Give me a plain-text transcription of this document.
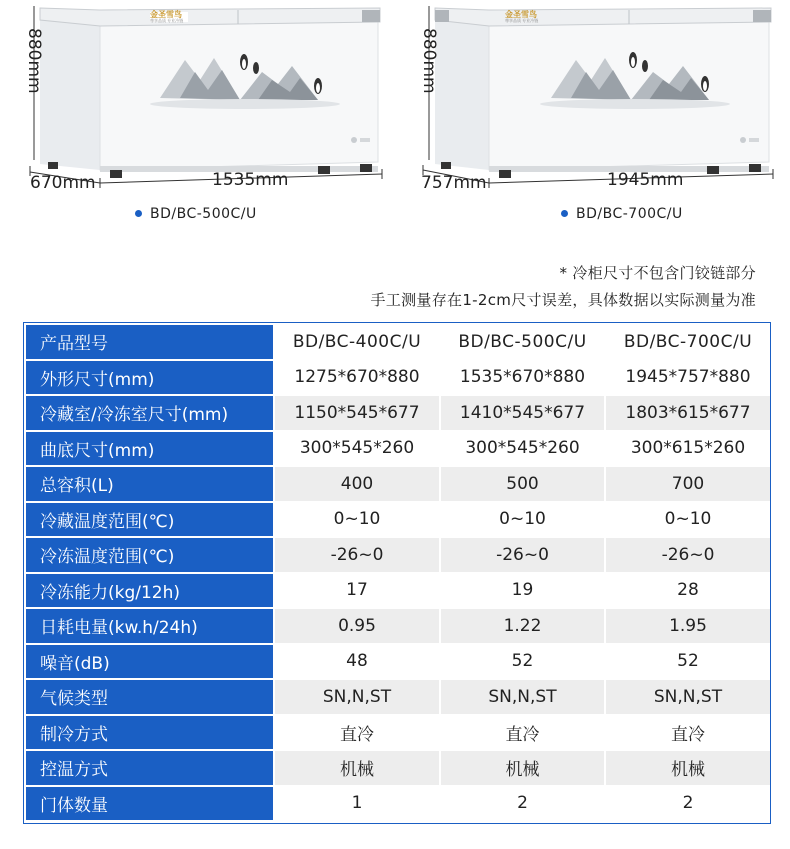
880mm
670mm	1535mm
BD/BC-500C/U
金圣雪鸟
尊享品质 专业冷链
880mm
757mm	1945mm
BD/BC-700C/U
金圣雪鸟
尊享品质 专业冷链
* 冷柜尺寸不包含门铰链部分
手工测量存在1-2cm尺寸误差，具体数据以实际测量为准
产品型号	BD/BC-400C/U	BD/BC-500C/U	BD/BC-700C/U
外形尺寸(mm)	1275*670*880	1535*670*880	1945*757*880
冷藏室/冷冻室尺寸(mm)	1150*545*677	1410*545*677	1803*615*677
曲底尺寸(mm)	300*545*260	300*545*260	300*615*260
总容积(L)	400	500	700
冷藏温度范围(℃)	0~10	0~10	0~10
冷冻温度范围(℃)	-26~0	-26~0	-26~0
冷冻能力(kg/12h)	17	19	28
日耗电量(kw.h/24h)	0.95	1.22	1.95
噪音(dB)	48	52	52
气候类型	SN,N,ST	SN,N,ST	SN,N,ST
制冷方式	直冷	直冷	直冷
控温方式	机械	机械	机械
门体数量	1	2	2
